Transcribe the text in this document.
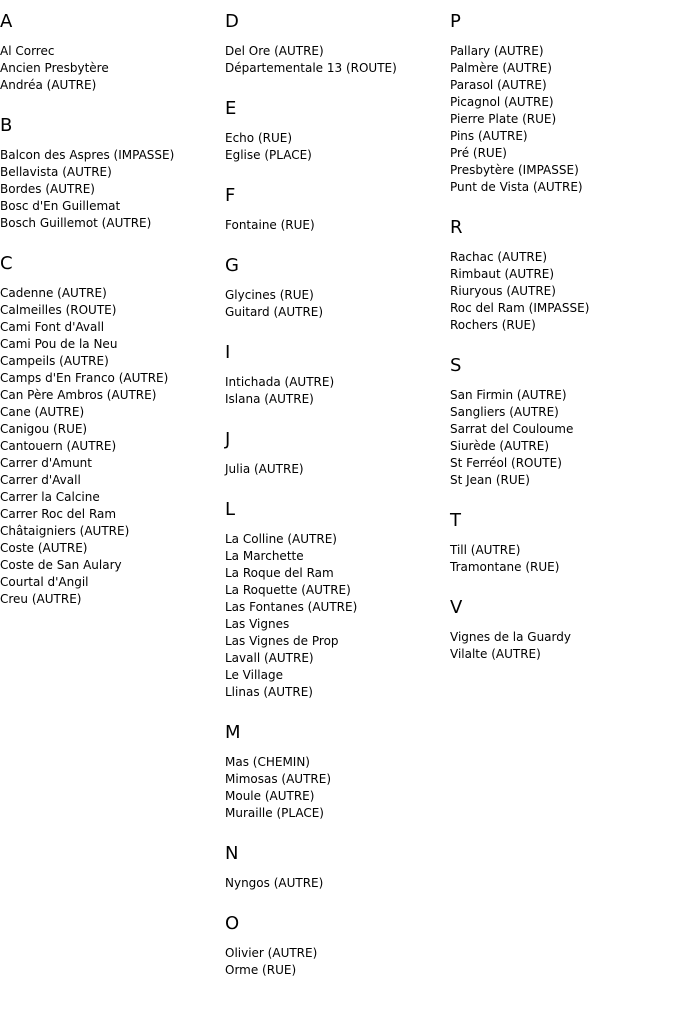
A
Al Correc
Ancien Presbytère
Andréa (AUTRE)
B
Balcon des Aspres (IMPASSE)
Bellavista (AUTRE)
Bordes (AUTRE)
Bosc d'En Guillemat
Bosch Guillemot (AUTRE)
C
Cadenne (AUTRE)
Calmeilles (ROUTE)
Cami Font d'Avall
Cami Pou de la Neu
Campeils (AUTRE)
Camps d'En Franco (AUTRE)
Can Père Ambros (AUTRE)
Cane (AUTRE)
Canigou (RUE)
Cantouern (AUTRE)
Carrer d'Amunt
Carrer d'Avall
Carrer la Calcine
Carrer Roc del Ram
Châtaigniers (AUTRE)
Coste (AUTRE)
Coste de San Aulary
Courtal d'Angil
Creu (AUTRE)
D
Del Ore (AUTRE)
Départementale 13 (ROUTE)
E
Echo (RUE)
Eglise (PLACE)
F
Fontaine (RUE)
G
Glycines (RUE)
Guitard (AUTRE)
I
Intichada (AUTRE)
Islana (AUTRE)
J
Julia (AUTRE)
L
La Colline (AUTRE)
La Marchette
La Roque del Ram
La Roquette (AUTRE)
Las Fontanes (AUTRE)
Las Vignes
Las Vignes de Prop
Lavall (AUTRE)
Le Village
Llinas (AUTRE)
M
Mas (CHEMIN)
Mimosas (AUTRE)
Moule (AUTRE)
Muraille (PLACE)
N
Nyngos (AUTRE)
O
Olivier (AUTRE)
Orme (RUE)
P
Pallary (AUTRE)
Palmère (AUTRE)
Parasol (AUTRE)
Picagnol (AUTRE)
Pierre Plate (RUE)
Pins (AUTRE)
Pré (RUE)
Presbytère (IMPASSE)
Punt de Vista (AUTRE)
R
Rachac (AUTRE)
Rimbaut (AUTRE)
Riuryous (AUTRE)
Roc del Ram (IMPASSE)
Rochers (RUE)
S
San Firmin (AUTRE)
Sangliers (AUTRE)
Sarrat del Couloume
Siurède (AUTRE)
St Ferréol (ROUTE)
St Jean (RUE)
T
Till (AUTRE)
Tramontane (RUE)
V
Vignes de la Guardy
Vilalte (AUTRE)
